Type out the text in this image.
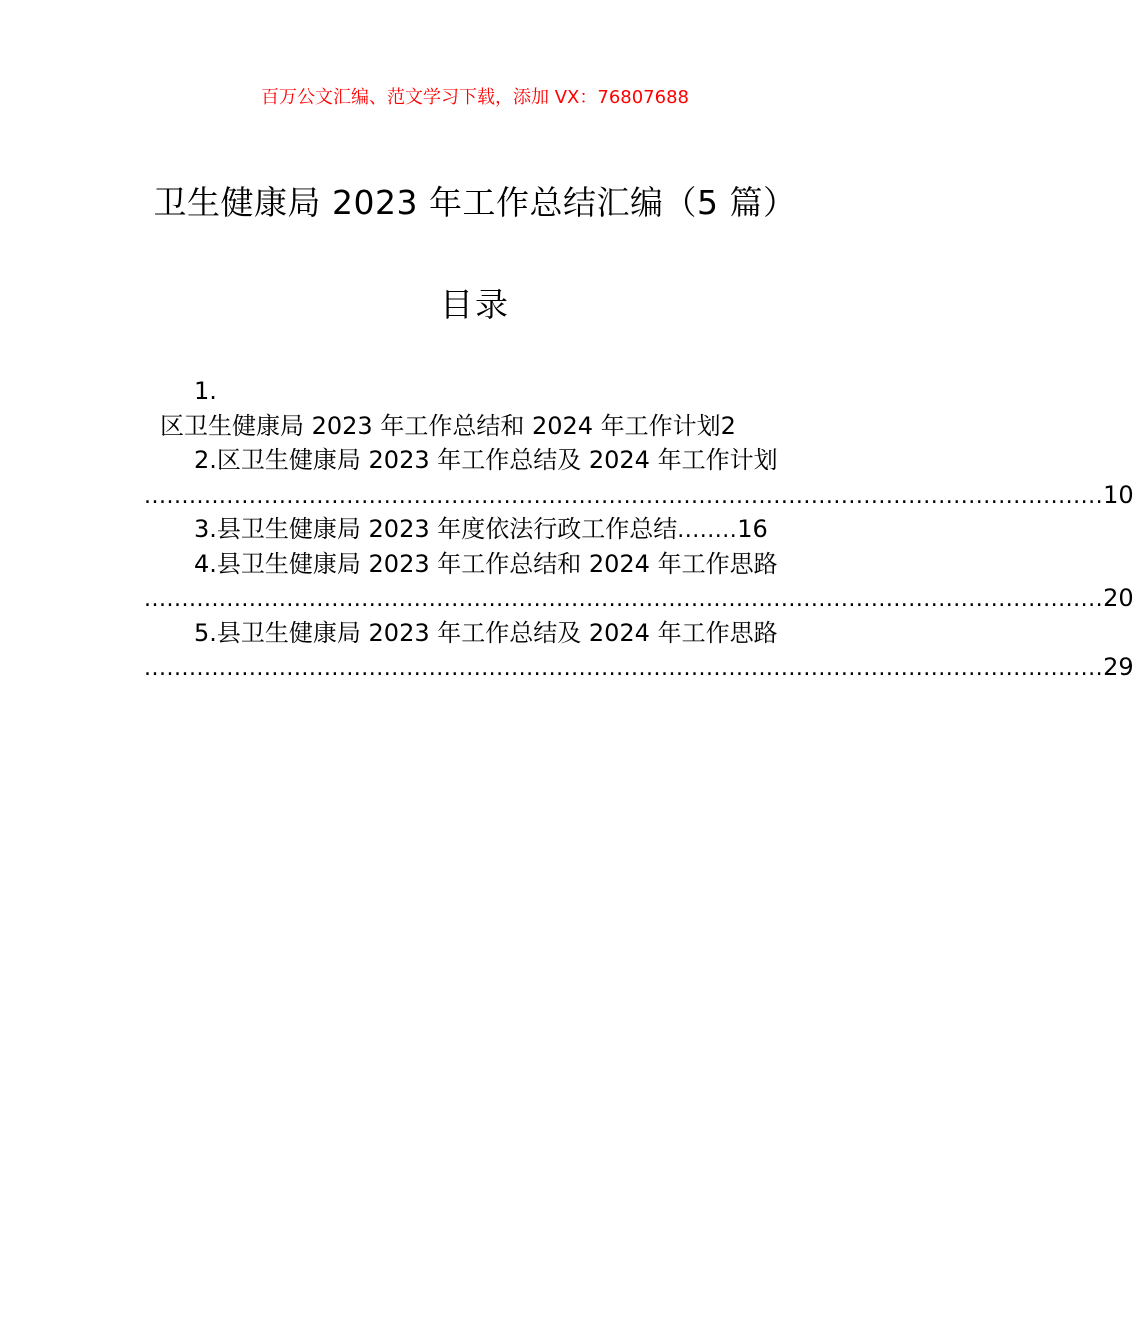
百万公文汇编、范文学习下载，添加 VX：76807688
卫生健康局 2023 年工作总结汇编（5 篇）
目录
1.
区卫生健康局 2023 年工作总结和 2024 年工作计划2
2.区卫生健康局 2023 年工作总结及 2024 年工作计划
................................................................................................................................ 10
3. 县卫生健康局 2023 年度依法行政工作总结 ........ 16
4.县卫生健康局 2023 年工作总结和 2024 年工作思路
................................................................................................................................ 20
5.县卫生健康局 2023 年工作总结及 2024 年工作思路
................................................................................................................................ 29
